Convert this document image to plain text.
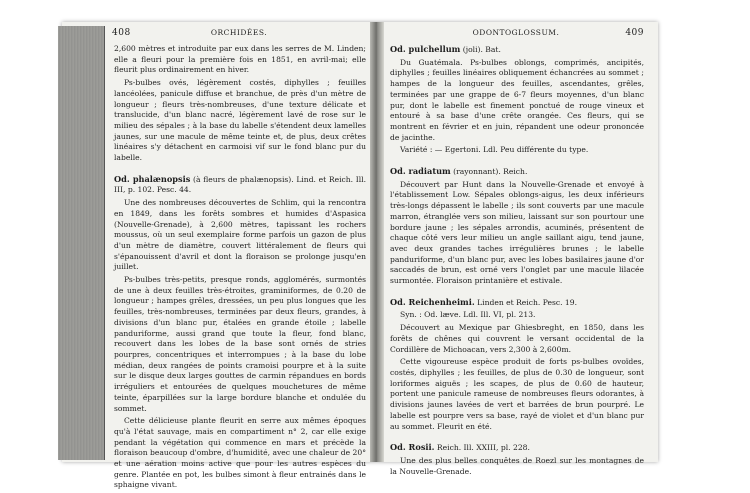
408	ORCHIDÉES.

2,600 mètres et introduite par eux dans les serres de M. Linden; elle a fleuri pour la première fois en 1851, en avril-mai; elle fleurit plus ordinairement en hiver.

Ps-bulbes ovés, légèrement costés, diphylles ; feuilles lancéolées, panicule diffuse et branchue, de près d'un mètre de longueur ; fleurs très-nombreuses, d'une texture délicate et translucide, d'un blanc nacré, légèrement lavé de rose sur le milieu des sépales ; à la base du labelle s'étendent deux lamelles jaunes, sur une macule de même teinte et, de plus, deux crêtes linéaires s'y détachent en carmoisi vif sur le fond blanc pur du labelle.

Od. phalænopsis (à fleurs de phalænopsis). Lind. et Reich. Ill. III, p. 102. Pesc. 44.

Une des nombreuses découvertes de Schlim, qui la rencontra en 1849, dans les forêts sombres et humides d'Aspasica (Nouvelle-Grenade), à 2,600 mètres, tapissant les rochers moussus, où un seul exemplaire forme parfois un gazon de plus d'un mètre de diamètre, couvert littéralement de fleurs qui s'épanouissent d'avril et dont la floraison se prolonge jusqu'en juillet.

Ps-bulbes très-petits, presque ronds, agglomérés, surmontés de une à deux feuilles très-étroites, graminiformes, de 0.20 de longueur ; hampes grêles, dressées, un peu plus longues que les feuilles, très-nombreuses, terminées par deux fleurs, grandes, à divisions d'un blanc pur, étalées en grande étoile ; labelle panduriforme, aussi grand que toute la fleur, fond blanc, recouvert dans les lobes de la base sont ornés de stries pourpres, concentriques et interrompues ; à la base du lobe médian, deux rangées de points cramoisi pourpre et à la suite sur le disque deux larges gouttes de carmin répandues en bords irréguliers et entourées de quelques mouchetures de même teinte, éparpillées sur la large bordure blanche et ondulée du sommet.

Cette délicieuse plante fleurit en serre aux mêmes époques qu'à l'état sauvage, mais en compartiment n° 2, car elle exige pendant la végétation qui commence en mars et précède la floraison beaucoup d'ombre, d'humidité, avec une chaleur de 20° et une aération moins active que pour les autres espèces du genre. Plantée en pot, les bulbes simont à fleur entrainés dans le sphaigne vivant.

ODONTOGLOSSUM.	409

Od. pulchellum (joli). Bat.

Du Guatémala. Ps-bulbes oblongs, comprimés, ancipités, diphylles ; feuilles linéaires obliquement échancrées au sommet ; hampes de la longueur des feuilles, ascendantes, grêles, terminées par une grappe de 6-7 fleurs moyennes, d'un blanc pur, dont le labelle est finement ponctué de rouge vineux et entouré à sa base d'une crête orangée. Ces fleurs, qui se montrent en février et en juin, répandent une odeur prononcée de jacinthe.

Variété : — Egertoni. Ldl. Peu différente du type.

Od. radiatum (rayonnant). Reich.

Découvert par Hunt dans la Nouvelle-Grenade et envoyé à l'établissement Low. Sépales oblongs-aigus, les deux inférieurs très-longs dépassent le labelle ; ils sont couverts par une macule marron, étranglée vers son milieu, laissant sur son pourtour une bordure jaune ; les sépales arrondis, acuminés, présentent de chaque côté vers leur milieu un angle saillant aigu, tend jaune, avec deux grandes taches irrégulières brunes ; le labelle panduriforme, d'un blanc pur, avec les lobes basilaires jaune d'or saccadés de brun, est orné vers l'onglet par une macule lilacée surmontée. Floraison printanière et estivale.

Od. Reichenheimi. Linden et Reich. Pesc. 19.

Syn. : Od. læve. Ldl. Ill. VI, pl. 213.

Découvert au Mexique par Ghiesbreght, en 1850, dans les forêts de chênes qui couvrent le versant occidental de la Cordillère de Michoacan, vers 2,300 à 2,600m.

Cette vigoureuse espèce produit de forts ps-bulbes ovoïdes, costés, diphylles ; les feuilles, de plus de 0.30 de longueur, sont loriformes aiguës ; les scapes, de plus de 0.60 de hauteur, portent une panicule rameuse de nombreuses fleurs odorantes, à divisions jaunes lavées de vert et barrées de brun pourpré. Le labelle est pourpre vers sa base, rayé de violet et d'un blanc pur au sommet. Fleurit en été.

Od. Rosii. Reich. Ill. XXIII, pl. 228.

Une des plus belles conquêtes de Roezl sur les montagnes de la Nouvelle-Grenade.
